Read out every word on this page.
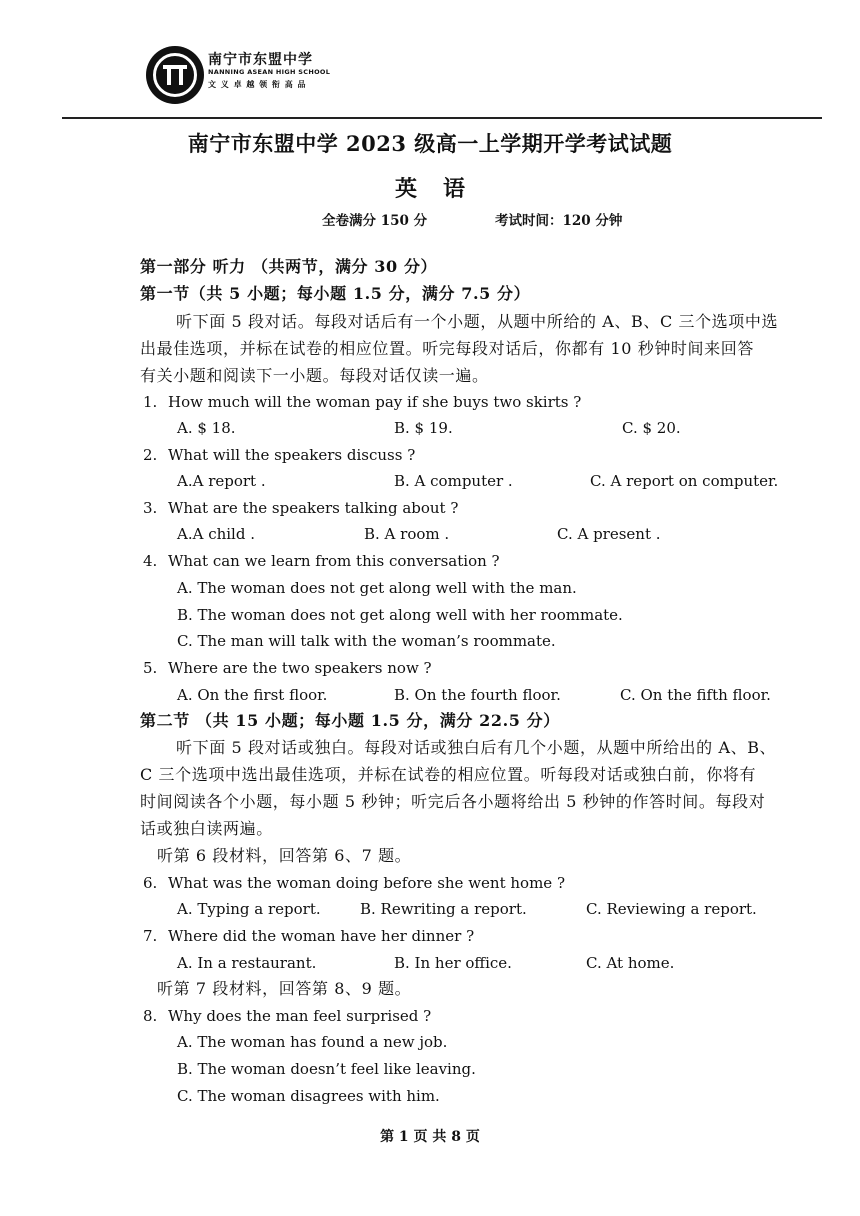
南宁市东盟中学
NANNING ASEAN HIGH SCHOOL
文 义 卓 越 领 衔 高 品
南宁市东盟中学 2023 级高一上学期开学考试试题
英语
全卷满分 150 分	考试时间：120 分钟
第一部分 听力 （共两节，满分 30 分）
第一节（共 5 小题；每小题 1.5 分，满分 7.5 分）
听下面 5 段对话。每段对话后有一个小题，从题中所给的 A、B、C 三个选项中选
出最佳选项，并标在试卷的相应位置。听完每段对话后，你都有 10 秒钟时间来回答
有关小题和阅读下一小题。每段对话仅读一遍。
1. How much will the woman pay if she buys two skirts ?
A. $ 18.	B. $ 19.	C. $ 20.
2. What will the speakers discuss ?
A.A report .	B. A computer .	C. A report on computer.
3. What are the speakers talking about ?
A.A child .	B. A room .	C. A present .
4. What can we learn from this conversation ?
A. The woman does not get along well with the man.
B. The woman does not get along well with her roommate.
C. The man will talk with the woman’s roommate.
5. Where are the two speakers now ?
A. On the first floor.	B. On the fourth floor.	C. On the fifth floor.
第二节 （共 15 小题；每小题 1.5 分，满分 22.5 分）
听下面 5 段对话或独白。每段对话或独白后有几个小题，从题中所给出的 A、B、
C 三个选项中选出最佳选项，并标在试卷的相应位置。听每段对话或独白前，你将有
时间阅读各个小题，每小题 5 秒钟；听完后各小题将给出 5 秒钟的作答时间。每段对
话或独白读两遍。
听第 6 段材料，回答第 6、7 题。
6. What was the woman doing before she went home ?
A. Typing a report.	B. Rewriting a report.	C. Reviewing a report.
7. Where did the woman have her dinner ?
A. In a restaurant.	B. In her office.	C. At home.
听第 7 段材料，回答第 8、9 题。
8. Why does the man feel surprised ?
A. The woman has found a new job.
B. The woman doesn’t feel like leaving.
C. The woman disagrees with him.
第 1 页 共 8 页
